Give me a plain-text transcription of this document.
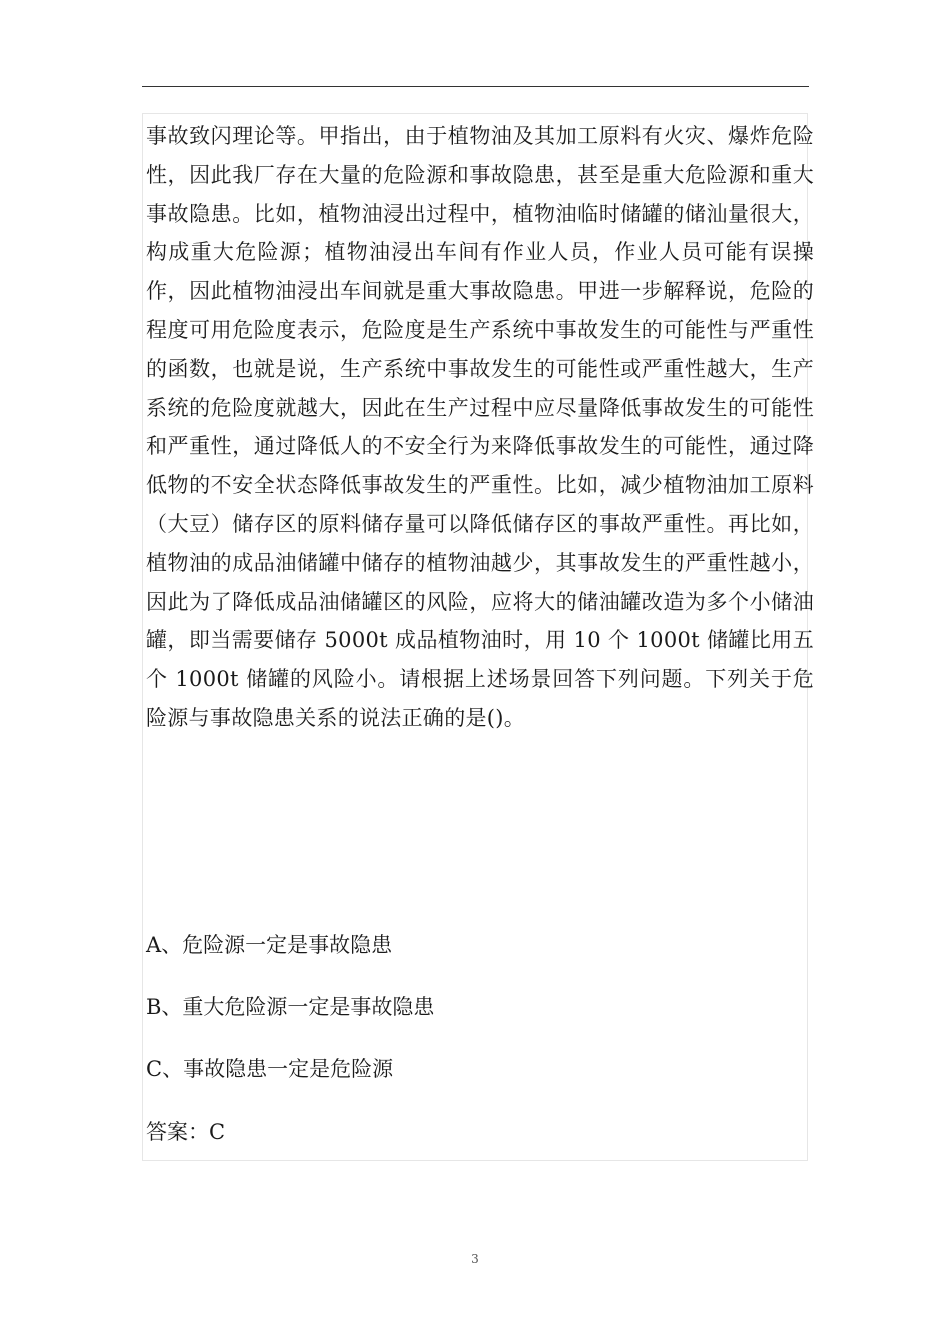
事故致闪理论等。甲指出，由于植物油及其加工原料有火灾、爆炸危险性，因此我厂存在大量的危险源和事故隐患，甚至是重大危险源和重大事故隐患。比如，植物油浸出过程中，植物油临时储罐的储汕量很大，构成重大危险源；植物油浸出车间有作业人员，作业人员可能有误操作，因此植物油浸出车间就是重大事故隐患。甲进一步解释说，危险的程度可用危险度表示，危险度是生产系统中事故发生的可能性与严重性的函数，也就是说，生产系统中事故发生的可能性或严重性越大，生产系统的危险度就越大，因此在生产过程中应尽量降低事故发生的可能性和严重性，通过降低人的不安全行为来降低事故发生的可能性，通过降低物的不安全状态降低事故发生的严重性。比如，减少植物油加工原料（大豆）储存区的原料储存量可以降低储存区的事故严重性。再比如，植物油的成品油储罐中储存的植物油越少，其事故发生的严重性越小，因此为了降低成品油储罐区的风险，应将大的储油罐改造为多个小储油罐，即当需要储存 5000t 成品植物油时，用 10 个 1000t 储罐比用五个 1000t 储罐的风险小。请根据上述场景回答下列问题。下列关于危险源与事故隐患关系的说法正确的是()。

A、危险源一定是事故隐患

B、重大危险源一定是事故隐患

C、事故隐患一定是危险源

答案：C

3
